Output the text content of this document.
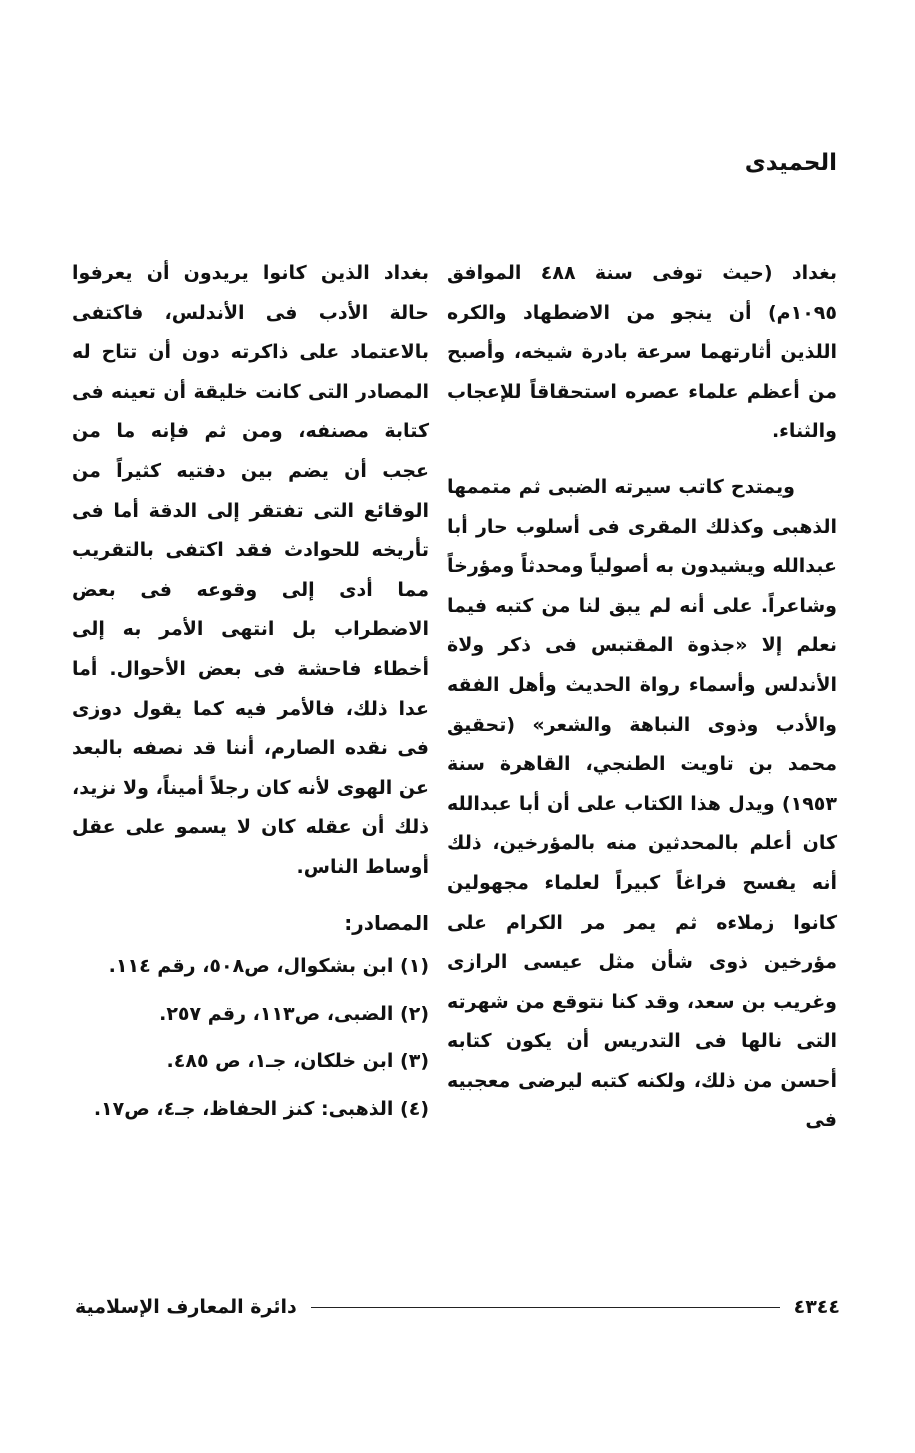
الحميدى

بغداد (حيث توفى سنة ٤٨٨ الموافق ١٠٩٥م) أن ينجو من الاضطهاد والكره اللذين أثارتهما سرعة بادرة شيخه، وأصبح من أعظم علماء عصره استحقاقاً للإعجاب والثناء.

ويمتدح كاتب سيرته الضبى ثم متممها الذهبى وكذلك المقرى فى أسلوب حار أبا عبدالله ويشيدون به أصولياً ومحدثاً ومؤرخاً وشاعراً. على أنه لم يبق لنا من كتبه فيما نعلم إلا «جذوة المقتبس فى ذكر ولاة الأندلس وأسماء رواة الحديث وأهل الفقه والأدب وذوى النباهة والشعر» (تحقيق محمد بن تاويت الطنجي، القاهرة سنة ١٩٥٣) ويدل هذا الكتاب على أن أبا عبدالله كان أعلم بالمحدثين منه بالمؤرخين، ذلك أنه يفسح فراغاً كبيراً لعلماء مجهولين كانوا زملاءه ثم يمر مر الكرام على مؤرخين ذوى شأن مثل عيسى الرازى وغريب بن سعد، وقد كنا نتوقع من شهرته التى نالها فى التدريس أن يكون كتابه أحسن من ذلك، ولكنه كتبه ليرضى معجبيه فى

بغداد الذين كانوا يريدون أن يعرفوا حالة الأدب فى الأندلس، فاكتفى بالاعتماد على ذاكرته دون أن تتاح له المصادر التى كانت خليقة أن تعينه فى كتابة مصنفه، ومن ثم فإنه ما من عجب أن يضم بين دفتيه كثيراً من الوقائع التى تفتقر إلى الدقة أما فى تأريخه للحوادث فقد اكتفى بالتقريب مما أدى إلى وقوعه فى بعض الاضطراب بل انتهى الأمر به إلى أخطاء فاحشة فى بعض الأحوال. أما عدا ذلك، فالأمر فيه كما يقول دوزى فى نقده الصارم، أننا قد نصفه بالبعد عن الهوى لأنه كان رجلاً أميناً، ولا نزيد، ذلك أن عقله كان لا يسمو على عقل أوساط الناس.

المصادر:
(١) ابن بشكوال، ص٥٠٨، رقم ١١٤.
(٢) الضبى، ص١١٣، رقم ٢٥٧.
(٣) ابن خلكان، جـ١، ص ٤٨٥.
(٤) الذهبى: كنز الحفاظ، جـ٤، ص١٧.
٤٣٤٤
دائرة المعارف الإسلامية
